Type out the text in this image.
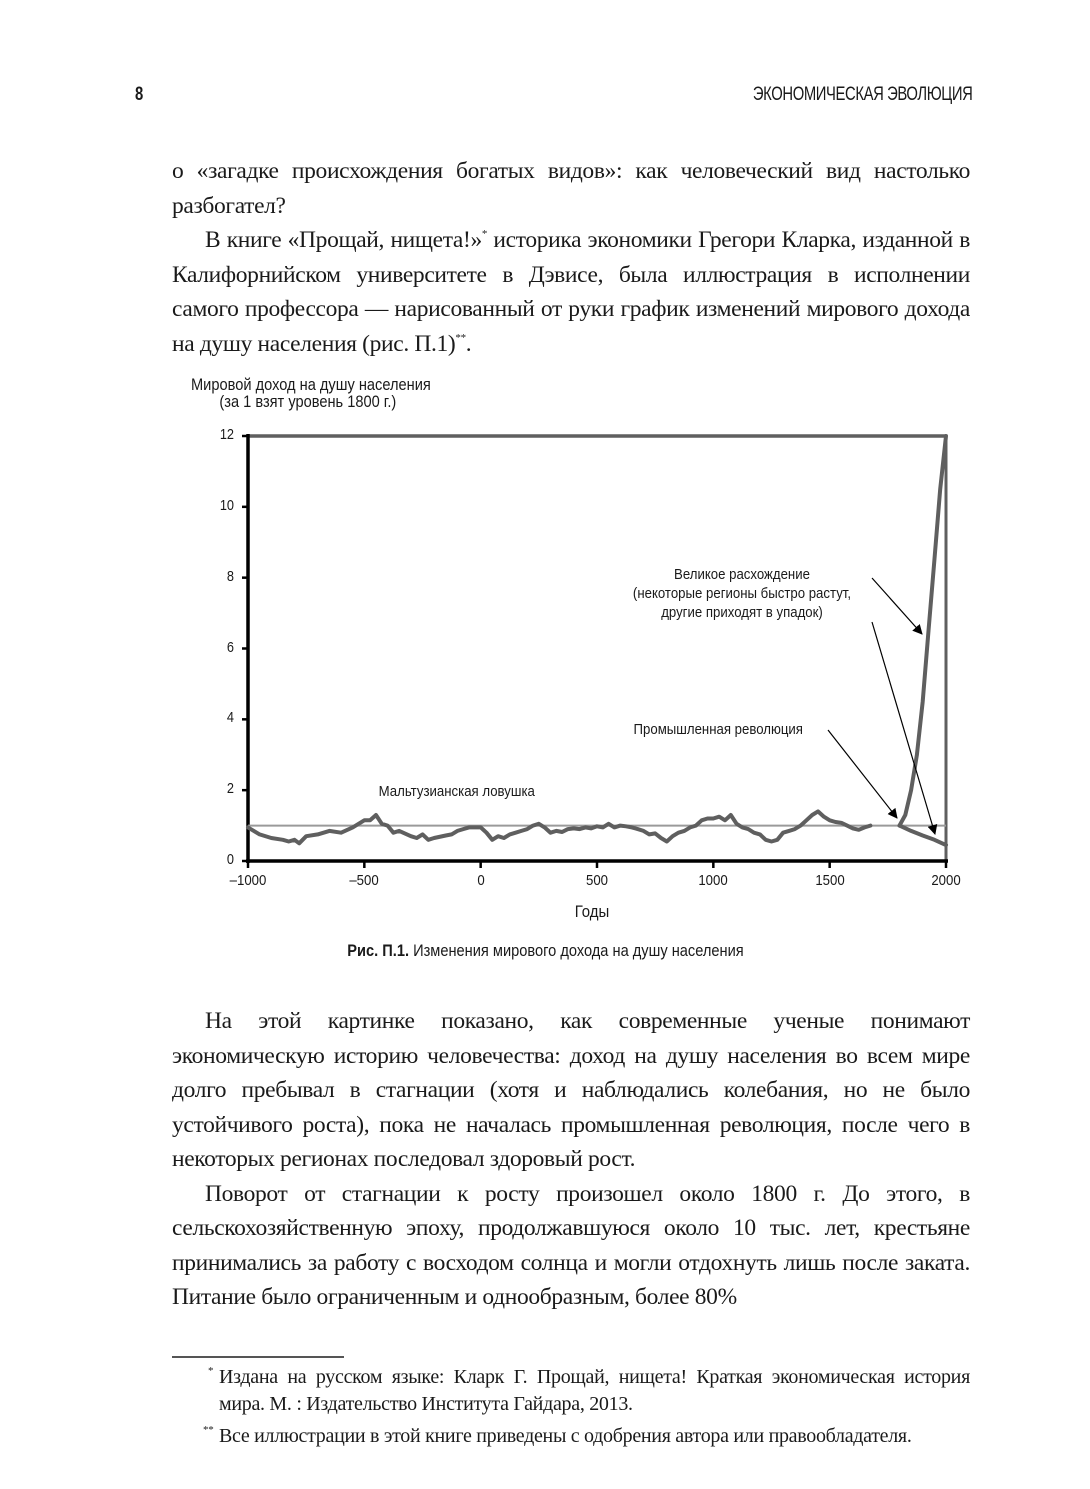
8	ЭКОНОМИЧЕСКАЯ ЭВОЛЮЦИЯ

о «загадке происхождения богатых видов»: как человеческий вид настолько разбогател?

В книге «Прощай, нищета!»* историка экономики Грегори Кларка, изданной в Калифорнийском университете в Дэвисе, была иллюстрация в исполнении самого профессора — нарисованный от руки график изменений мирового дохода на душу населения (рис. П.1)**.

Мировой доход на душу населения
(за 1 взят уровень 1800 г.)
0
2
4
6
8
10
12
–1000	–500	0	500	1000	1500	2000
Годы
Мальтузианская ловушка
Великое расхождение
(некоторые регионы быстро растут,
другие приходят в упадок)
Промышленная революция
Рис. П.1. Изменения мирового дохода на душу населения

На этой картинке показано, как современные ученые понимают экономическую историю человечества: доход на душу населения во всем мире долго пребывал в стагнации (хотя и наблюдались колебания, но не было устойчивого роста), пока не началась промышленная революция, после чего в некоторых регионах последовал здоровый рост.

Поворот от стагнации к росту произошел около 1800 г. До этого, в сельскохозяйственную эпоху, продолжавшуюся около 10 тыс. лет, крестьяне принимались за работу с восходом солнца и могли отдохнуть лишь после заката. Питание было ограниченным и однообразным, более 80%

* Издана на русском языке: Кларк Г. Прощай, нищета! Краткая экономическая история мира. М. : Издательство Института Гайдара, 2013.
** Все иллюстрации в этой книге приведены с одобрения автора или правообладателя.
